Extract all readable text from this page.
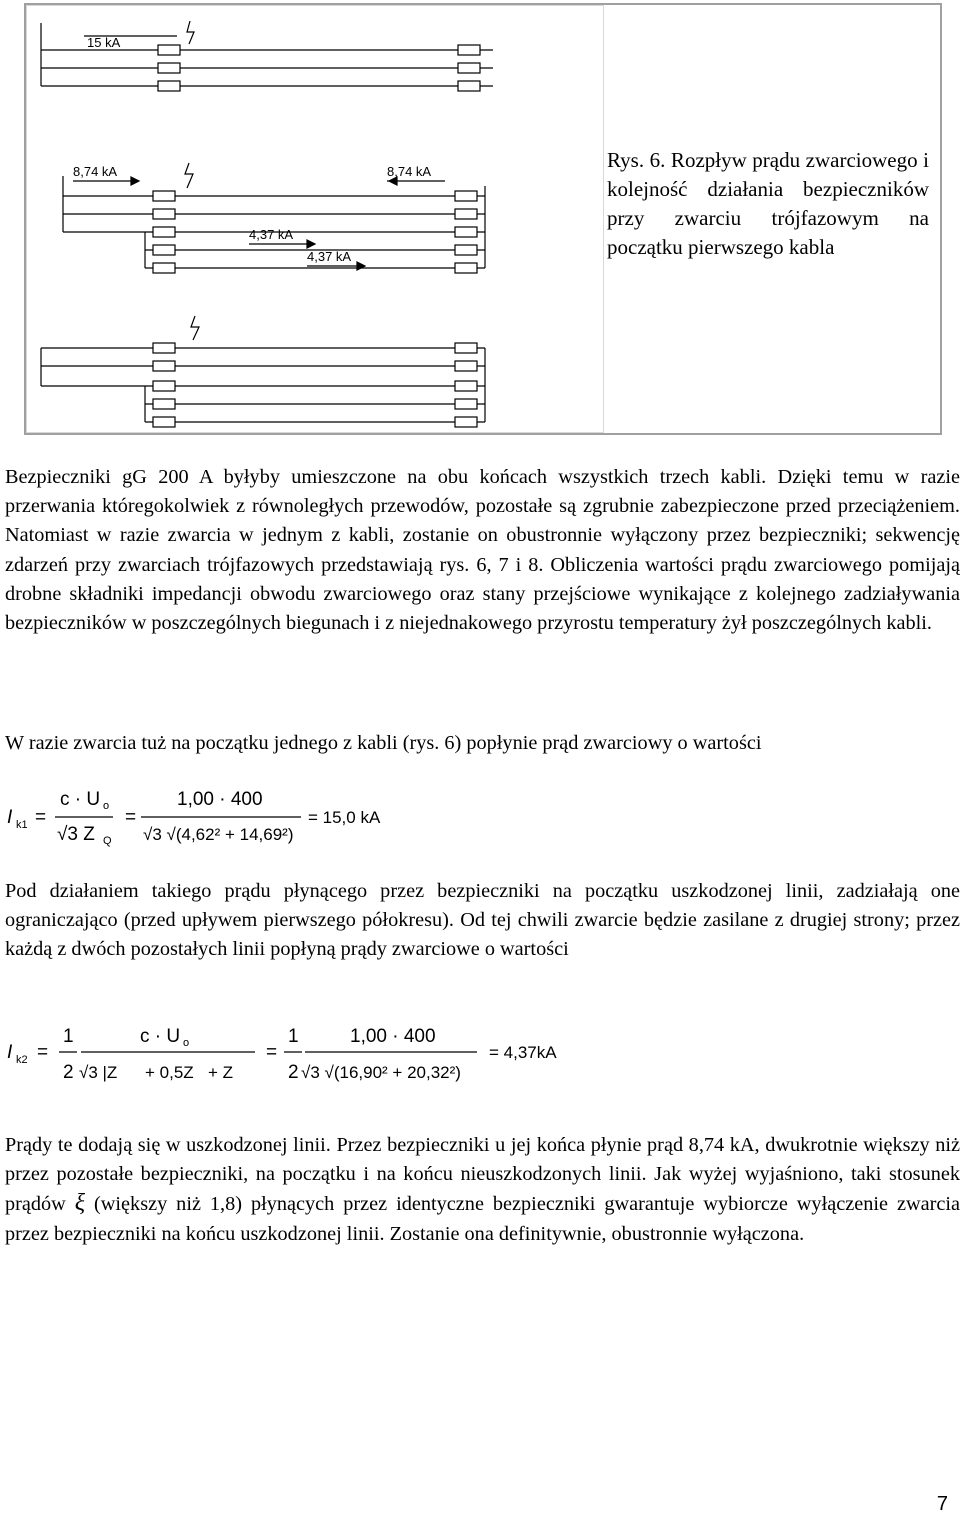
15 kA
8,74 kA	8,74 kA
4,37 kA
4,37 kA
Rys. 6. Rozpływ prądu zwarciowego i kolejność działania bezpieczników przy zwarciu trójfazowym na początku pierwszego kabla

Bezpieczniki gG 200 A byłyby umieszczone na obu końcach wszystkich trzech kabli. Dzięki temu w razie przerwania któregokolwiek z równoległych przewodów, pozostałe są zgrubnie zabezpieczone przed przeciążeniem. Natomiast w razie zwarcia w jednym z kabli, zostanie on obustronnie wyłączony przez bezpieczniki; sekwencję zdarzeń przy zwarciach trójfazowych przedstawiają rys. 6, 7 i 8. Obliczenia wartości prądu zwarciowego pomijają drobne składniki impedancji obwodu zwarciowego oraz stany przejściowe wynikające z kolejnego zadziaływania bezpieczników w poszczególnych biegunach i z niejednakowego przyrostu temperatury żył poszczególnych kabli.

W razie zwarcia tuż na początku jednego z kabli (rys. 6) popłynie prąd zwarciowy o wartości

I k1 =
c · U o
√3 Z Q
=
1,00 · 400
√3 √(4,62² + 14,69²)
= 15,0 kA

Pod działaniem takiego prądu płynącego przez bezpieczniki na początku uszkodzonej linii, zadziałają one ograniczająco (przed upływem pierwszego półokresu). Od tej chwili zwarcie będzie zasilane z drugiej strony; przez każdą z dwóch pozostałych linii popłyną prądy zwarciowe o wartości

I k2 =
1
2
c · U o
√3 |Z + 0,5Z + Z
=
1
2
1,00 · 400
√3 √(16,90² + 20,32²)
= 4,37kA

Prądy te dodają się w uszkodzonej linii. Przez bezpieczniki u jej końca płynie prąd 8,74 kA, dwukrotnie większy niż przez pozostałe bezpieczniki, na początku i na końcu nieuszkodzonych linii. Jak wyżej wyjaśniono, taki stosunek prądów ξ (większy niż 1,8) płynących przez identyczne bezpieczniki gwarantuje wybiorcze wyłączenie zwarcia przez bezpieczniki na końcu uszkodzonej linii. Zostanie ona definitywnie, obustronnie wyłączona.

7
